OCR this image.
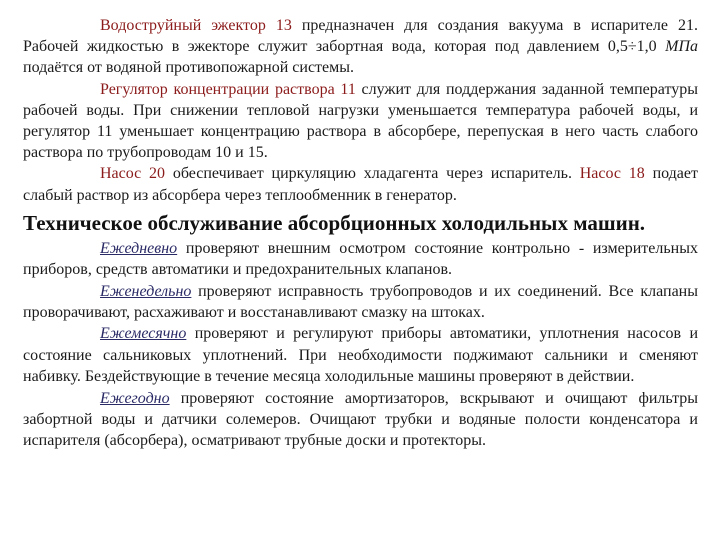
Водоструйный эжектор 13 предназначен для создания вакуума в испарителе 21. Рабочей жидкостью в эжекторе служит забортная вода, которая под давлением 0,5÷1,0 МПа подаётся от водяной противопожарной системы.

Регулятор концентрации раствора 11 служит для поддержания заданной температуры рабочей воды. При снижении тепловой нагрузки уменьшается температура рабочей воды, и регулятор 11 уменьшает концентрацию раствора в абсорбере, перепуская в него часть слабого раствора по трубопроводам 10 и 15.

Насос 20 обеспечивает циркуляцию хладагента через испаритель. Насос 18 подает слабый раствор из абсорбера через теплообменник в генератор.

Техническое обслуживание абсорбционных холодильных машин.

Ежедневно проверяют внешним осмотром состояние контрольно - измерительных приборов, средств автоматики и предохранительных клапанов.

Еженедельно проверяют исправность трубопроводов и их соединений. Все клапаны проворачивают, расхаживают и восстанавливают смазку на штоках.

Ежемесячно проверяют и регулируют приборы автоматики, уплотнения насосов и состояние сальниковых уплотнений. При необходимости поджимают сальники и сменяют набивку. Бездействующие в течение месяца холодильные машины проверяют в действии.

Ежегодно проверяют состояние амортизаторов, вскрывают и очищают фильтры забортной воды и датчики солемеров. Очищают трубки и водяные полости конденсатора и испарителя (абсорбера), осматривают трубные доски и протекторы.
